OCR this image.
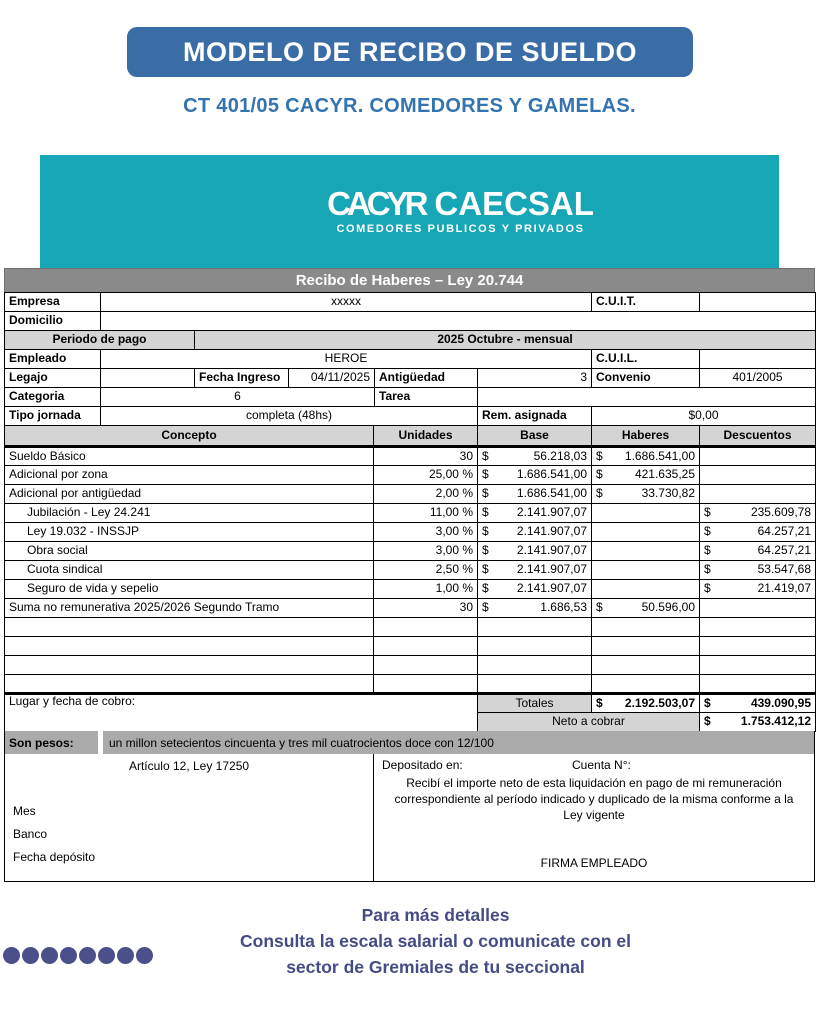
MODELO DE RECIBO DE SUELDO
CT 401/05 CACYR. COMEDORES Y GAMELAS.
CACYR CAECSAL
COMEDORES PUBLICOS Y PRIVADOS
Recibo de Haberes – Ley 20.744
Empresa	xxxxx					C.U.I.T.	
Domicilio							
Periodo de pago		2025 Octubre - mensual					
Empleado	HEROE					C.U.I.L.	
Legajo		Fecha Ingreso	04/11/2025	Antigüedad	3	Convenio	401/2005
Categoria	6			Tarea			
Tipo jornada	completa (48hs)				Rem. asignada	$0,00	
Concepto	Unidades	Base	Haberes	Descuentos
Sueldo Básico	30	$ 56.218,03	$ 1.686.541,00	

Adicional por zona	25,00 %	$ 1.686.541,00	$ 421.635,25	

Adicional por antigüedad	2,00 %	$ 1.686.541,00	$ 33.730,82	

Jubilación - Ley 24.241	11,00 %	$ 2.141.907,07		$ 235.609,78

Ley 19.032 - INSSJP	3,00 %	$ 2.141.907,07		$ 64.257,21

Obra social	3,00 %	$ 2.141.907,07		$ 64.257,21

Cuota sindical	2,50 %	$ 2.141.907,07		$ 53.547,68

Seguro de vida y sepelio	1,00 %	$ 2.141.907,07		$ 21.419,07

Suma no remunerativa 2025/2026 Segundo Tramo	30	$ 1.686,53	$ 50.596,00	

Lugar y fecha de cobro:		Totales	$ 2.192.503,07	$ 439.090,95

		Neto a cobrar		$ 1.753.412,12
Son pesos:	un millon setecientos cincuenta y tres mil cuatrocientos doce con 12/100
Artículo 12, Ley 17250
Mes
Banco
Fecha depósito
Depositado en:	Cuenta N°:
Recibí el importe neto de esta liquidación en pago de mi remuneración correspondiente al período indicado y duplicado de la misma conforme a la Ley vigente
FIRMA EMPLEADO
Para más detalles
Consulta la escala salarial o comunicate con el
sector de Gremiales de tu seccional
